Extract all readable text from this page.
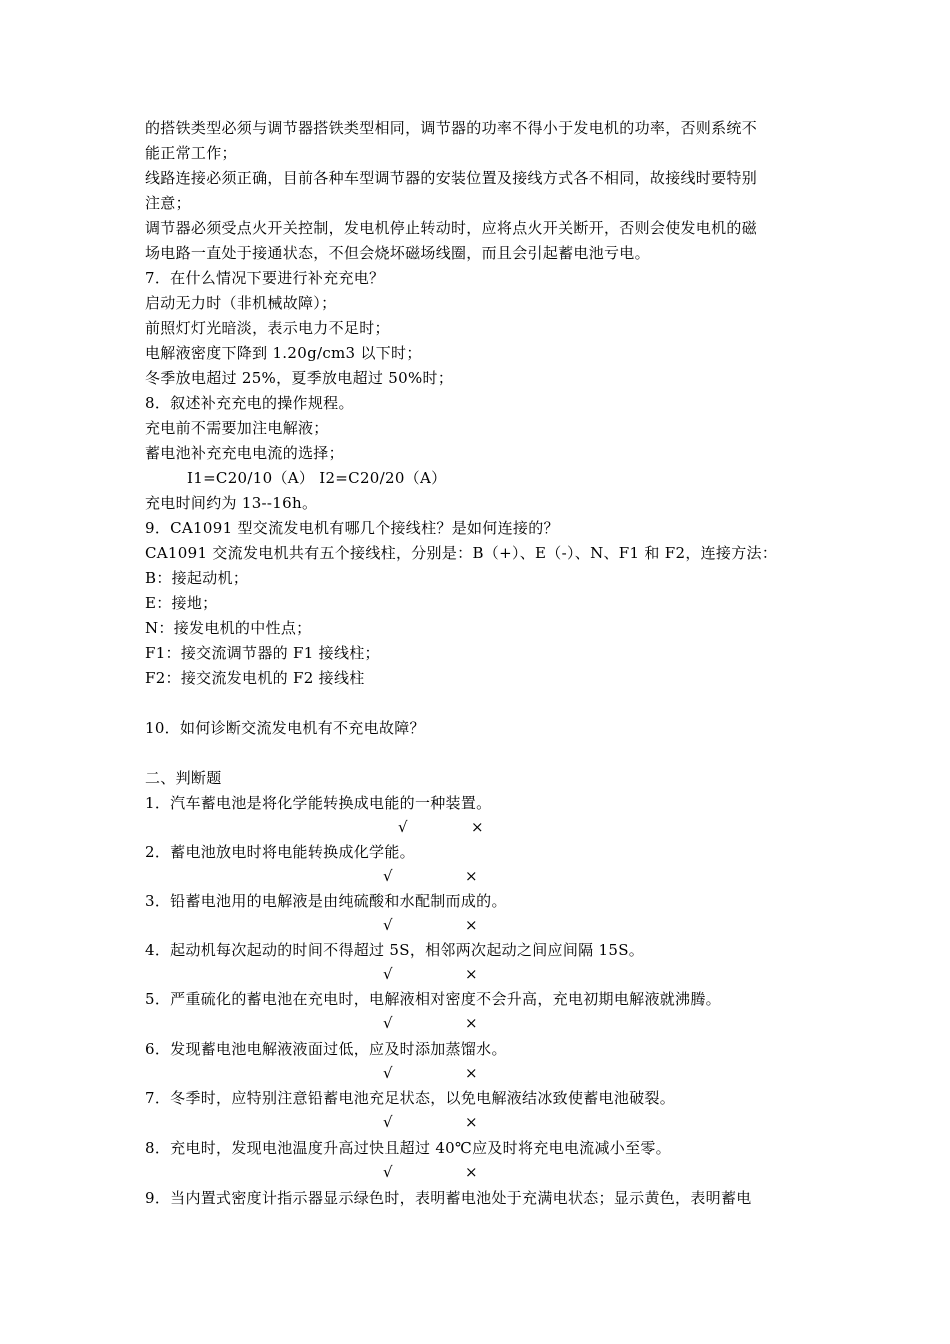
的搭铁类型必须与调节器搭铁类型相同，调节器的功率不得小于发电机的功率，否则系统不
能正常工作；
线路连接必须正确，目前各种车型调节器的安装位置及接线方式各不相同，故接线时要特别
注意；
调节器必须受点火开关控制，发电机停止转动时，应将点火开关断开，否则会使发电机的磁
场电路一直处于接通状态，不但会烧坏磁场线圈，而且会引起蓄电池亏电。
7．在什么情况下要进行补充充电？
启动无力时（非机械故障）；
前照灯灯光暗淡，表示电力不足时；
电解液密度下降到 1.20g/cm3 以下时；
冬季放电超过 25%，夏季放电超过 50%时；
8．叙述补充充电的操作规程。
充电前不需要加注电解液；
蓄电池补充充电电流的选择；
I1=C20/10（A） I2=C20/20（A）
充电时间约为 13--16h。
9．CA1091 型交流发电机有哪几个接线柱？是如何连接的？
CA1091 交流发电机共有五个接线柱，分别是：B（+）、E（-）、N、F1 和 F2，连接方法：
B：接起动机；
E：接地；
N：接发电机的中性点；
F1：接交流调节器的 F1 接线柱；
F2：接交流发电机的 F2 接线柱
10．如何诊断交流发电机有不充电故障？
二、判断题
1．汽车蓄电池是将化学能转换成电能的一种装置。
√	×
2．蓄电池放电时将电能转换成化学能。
√	×
3．铅蓄电池用的电解液是由纯硫酸和水配制而成的。
√	×
4．起动机每次起动的时间不得超过 5S，相邻两次起动之间应间隔 15S。
√	×
5．严重硫化的蓄电池在充电时，电解液相对密度不会升高，充电初期电解液就沸腾。
√	×
6．发现蓄电池电解液液面过低，应及时添加蒸馏水。
√	×
7．冬季时，应特别注意铅蓄电池充足状态，以免电解液结冰致使蓄电池破裂。
√	×
8．充电时，发现电池温度升高过快且超过 40℃应及时将充电电流减小至零。
√	×
9．当内置式密度计指示器显示绿色时，表明蓄电池处于充满电状态；显示黄色，表明蓄电
